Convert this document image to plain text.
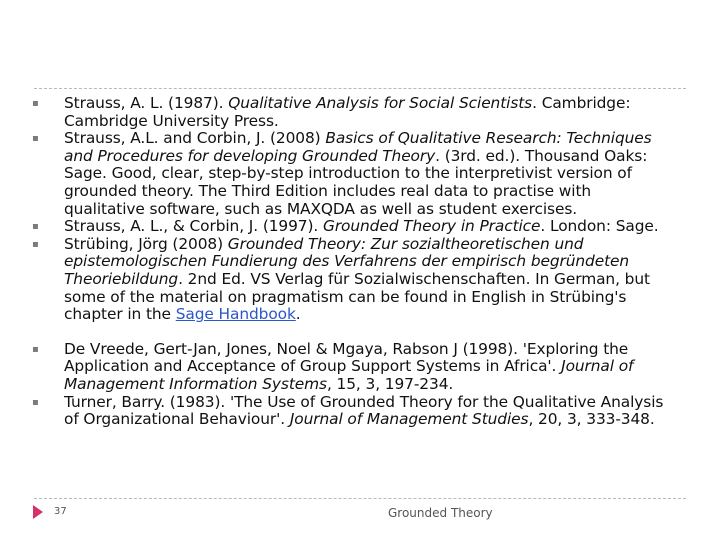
▪ Strauss, A. L. (1987). Qualitative Analysis for Social Scientists. Cambridge: Cambridge University Press.
▪ Strauss, A.L. and Corbin, J. (2008) Basics of Qualitative Research: Techniques and Procedures for developing Grounded Theory. (3rd. ed.). Thousand Oaks: Sage. Good, clear, step-by-step introduction to the interpretivist version of grounded theory. The Third Edition includes real data to practise with qualitative software, such as MAXQDA as well as student exercises.
▪ Strauss, A. L., & Corbin, J. (1997). Grounded Theory in Practice. London: Sage.
▪ Strübing, Jörg (2008) Grounded Theory: Zur sozialtheoretischen und epistemologischen Fundierung des Verfahrens der empirisch begründeten Theoriebildung. 2nd Ed. VS Verlag für Sozialwischenschaften. In German, but some of the material on pragmatism can be found in English in Strübing's chapter in the Sage Handbook.
▪ De Vreede, Gert-Jan, Jones, Noel & Mgaya, Rabson J (1998). 'Exploring the Application and Acceptance of Group Support Systems in Africa'. Journal of Management Information Systems, 15, 3, 197-234.
▪ Turner, Barry. (1983). 'The Use of Grounded Theory for the Qualitative Analysis of Organizational Behaviour'. Journal of Management Studies, 20, 3, 333-348.
37	Grounded Theory
